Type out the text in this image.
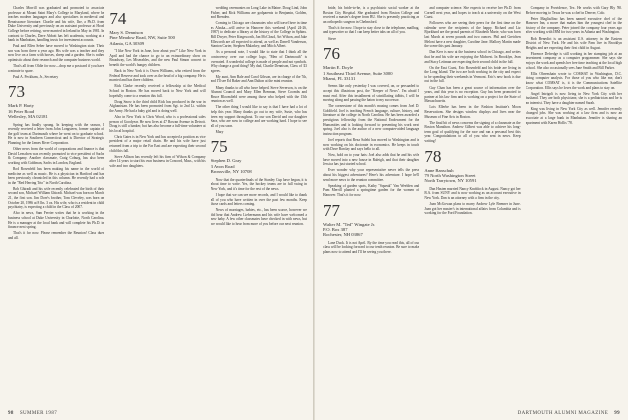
Charles Morrill was graduated and promoted to associate professor at Mount Saint Mary's College in Maryland, where he teaches modern languages and also specializes in medieval and Renaissance literature. Charlie and his wife, Ilse, a Ph.D. from Duke University and previously on an assistant professor at Hood College before retiring, were married in Ireland in May in 1981. In contrast to Charles, Dave Abbott has left academia, working at a bank in Manhattan, handling trusts for investment accounts.

Paul and Ellen Seber have moved to Washington state. Their son was born there a year ago. His wife was a teacher and they now live on a farm with horses, sheep and a garden. She is rather optimistic about their research and the computer business world.

That's all from Oldie for now—drop me a postcard if you have a minute to spare.

Paul A. Peckham, Jr., Secretary

73
Mark P. Harty
16 Peter Road
Wellesley, MA 02181

Spring has finally sprung. In keeping with the season, I recently received a letter from John Longsteen, former captain of the golf team at Dartmouth where he went on to graduate school. He is now in Southern Connecticut and is Director of Strategic Planning for the James River Corporation.

Other news from the world of corporations and finance is that David Lenschen was recently promoted to vice president of Sachs & Company. Another classmate, Craig Coburg, has also been working with Goldman, Sachs in London, England.

Rod Rosenfeld has been making his name in the world of medicine as well as music. He is a physician in Hartford and has been previously chronicled in this column. He recently had a role in the "Red Herring Trio" in North Carolina.

Bob Ghiradi and his wife recently celebrated the birth of their second son, Michael William Ghiradi. Michael was born on March 21, the first son. Jim Dore's brother, Tom Cleveley, was born on October 20, 1986 at 8 lbs. 3 oz. His wife, who is a resident in child psychiatry, is expecting a child in the Class of 2007.

Also in news, Sam Ferrier writes that he is working in the business school at Duke University in Charlotte, North Carolina. He is a manager at the local bank and will complete his Ph.D. in finance next spring.

That's it for now. Please remember the Reunion! Class dues and all.

74
Mary S. Dennison
Pine Meadow Road, NW, Suite 500
Atlanta, GA 30309

"I like New York in June, how about you?" Like New York in April and had the chance to go to an extraordinary show on Broadway, Les Miserables, and the new Paul Simon concert to benefit the world's hungry children.

Back in New York it is Owen Williams, who retired from the Federal Reserve and took over as the head of a big company. He is married and has three children.

Rick Clarke recently received a fellowship at the Medical School in Boston. He has moved back to New York and will hopefully come to a reunion this fall.

Doug Snow is the third child Rick has produced in the war in Afghanistan. He has been promoted from Sgt. to 2nd Lt. within the Army. He had a baby girl and is doing well.

Also in New York is Chris Wood, who is a professional sales person of Goodyear. He now lives at 47 Rowan Avenue in Detroit. Doug is still a banker, but has also become a full-time volunteer at his local hospital.

Chris Gates is in New York and has accepted a position as vice president of a major retail chain. He and his wife have just returned from a trip to the Far East and are expecting their second child this fall.

Steve Allison has recently left his firm of Wilson & Company after 14 years to start his own business in Concord, Mass., with his wife and two daughters.

wedding ceremonies on Long Lake in Maine. Doug Lind, John Fisher, and Rick Williams are godparents to Benjamin, Golden, and Brenden.

Coming to Chicago are classmates who will travel here in time as Alaska—will arrive in Hanover this weekend (April 24-26, 1987) to dedicate a library at the history of the College in Sphinx. Bill Dwyer, Peter Kingsworth, Jan McCloud, Art Wilson, and Jake Ellsworth are all expected to attend, as well as Darrell Vanderson, Stanton Carter, Stephen Malarkey, and Mitch Albert.

As a personal note, I would like to state that I think all the controversy over our college logo, "Men of Dartmouth" is overrated. A wonderful college is made of people and not symbols. Why change a good thing? My dad, Charlie Dennison, Class of '43 agrees.

My aunt, Ann Bale and Carol Gibson, are in charge of the 7th, and I'll see Ed Baker and Ann Dalton at the mini reunion.

Many thanks to all who have helped. Steve Severson, is on the Alumni Council and Mary Ellen Brennan, Steve Coombs and Bruce Bloomfield were among those who helped with the 15th reunion as well.

The other thing I would like to say is that I have had a lot of help this year. Many thanks go out to my wife, Susie, who has been my support throughout. To our son David and our daughter Sara, who are now in college and are working hard. I hope to see all of you soon.

Mary

75
Stephen D. Gray
3 Avon Road
Bronxville, NY 10708

Now that the quarterfinals of the Stanley Cup have begun, it is about time to write. Yes, the hockey teams are in full swing in New York, and it's time for the rest of the news.

I hope that we can see more records, and I would like to thank all of you who have written in over the past few months. Keep those cards and letters coming.

News of marriages, babies, etc., has been scarce, however we did hear that Andrew Liebermann and his wife have welcomed a new baby. A few other classmates have checked in with news, but we would like to hear from more of you before our next reunion.

98 SUMMER 1987

bride, his bride-to-be, is a psychiatric social worker at the Boston City Hospital. She graduated from Boston College and received a master's degree from BU. She is presently practicing as an orthopedic surgeon in Chelmsford.

That's it for now. I hope to stay close to the telephone, mailbag, and typewriter so that I can keep better tabs on all of you.

Steve

76
Martin E. Doyle
1 Southeast Third Avenue, Suite 3000
Miami, FL 33131

Seems like only yesterday I was covered, on, or persuaded to accept this illustrious post, the "Keeper of News". I'm afraid I must end. After this installment of scintillating tidbits, I will be moving along and passing the baton to my successor.

The cornerstone of this month's musing comes from Joel D. Goldfield. Joel is teaching French language, culture, history, and literature at the college in North Carolina. He has been awarded a prestigious fellowship from the National Endowment for the Humanities and is looking forward to presenting his work next spring. Joel also is the author of a new computer-aided language instruction program.

Joel reports that Reza Salehi has moved to Washington and is now working on his doctorate in economics. He keeps in touch with Dave Barclay and says hello to all.

Now, hold on to your hats: Joel also adds that he and his wife have moved into a new house in Raleigh, and that their daughter Jessica has just started school.

Ever wonder why your representative never tells the press about his biggest adventures? Here's his adventure. I hope he'll send more news to the reunion committee.

Speaking of garden spots, Kathy "Squeak" Van Weelden and Pam Merrill planted a springtime garden for the women of Hanover. That's it for now.

77
Walter M. "Ted" Wingate Jr.
P.O. Box 387
Rochester, NH 03867

Lane Duck. It is not April. By the time you read this, all of our class will be looking forward to our tenth reunion. Be sure to make plans now to attend and I'll be seeing you there.

and computer science. She expects to receive her Ph.D. from Cornell next year, and hopes to teach at a university on the West Coast.

Followers who are seeing their peers for the first time on the calendar were the recipients of the happy. Richard and Liz Bjorklund are the proud parents of Elizabeth Marie, who was born last March at seven pounds and two ounces. Phil and Gretchen Meloni have a new daughter, Caroline Jane. Mallory Martin made the scene this past January.

Dan Kerr is now at the business school in Chicago, and writes that he and his wife are enjoying the Midwest. In Brooklyn, Jean and Stacy Leitman are expecting their second child in the fall.

On the East Coast, Eric Rosenfeld and his bride are living in the Long Island. The two are both working in the city and expect to be spending their weekends in Vermont. Eric's new book is due out in the fall.

Guy Chan has been a great source of information over the years, and this year is no exception. Guy has been promoted to partner at his law firm and is working on a project for the State of Massachusetts.

Lois Ellerbe has been in the Fashion Institute's Moon Reservations. She designs window displays and lives near the Museum of Fine Arts in Boston.

The final bit of news concerns the signing of a classmate as the Boston Marathon. Andrew Gilbert was able to achieve his long-term goal of qualifying for the race and ran a personal best this year. Congratulations to all of you who sent in news. Keep writing!

78
Anne Banschuh
79 North Washington Street
North Tarrytown, NY 10591

Dan Hasten married Nancy Knoblock in August. Nancy got her B.A. from SUNY and is now working as an account executive in New York. Dan is an attorney with a firm in the city.

Joan McGowan plans to marry Andrew Lyle Brenner in June. Joan got her master's in international affairs from Columbia and is working for the Ford Foundation.

Company in Providence, Tex. He works with Gary Bly '80. Before moving to Texas he was a chef in Denver, Colo.

Peter Magliaffino has been named executive chef of the Hanover Inn, a move that makes him the youngest chef in the history of the company. Peter joined the company four years ago after working with IBM for two years in Atlanta and Washington.

Bob Benedict is an assistant U.S. attorney in the Eastern District of New York. He and his wife Pam live in Brooklyn Heights and are expecting their first child in August.

Florence Defredge is still working in her stamping job at an investment company as a computer programmer. She says she enjoys the work and spends her free time teaching at the local high school. She also occasionally sees Jane Smith and Bill Parker.

Ellis Ohrenshain wrote to COMSAT in Washington, D.C. doing computer analysis. For those of you who like me, don't know what COMSAT is, it is the Communications Satellite Corporation. Ellis says he loves the work and plans to stay on.

Angel Intrigoli is now living in New York City with her husband. They are both physicians; she is a pediatrician and he is an internist. They have a daughter named Sarah.

King was living in New York City as well. Jennifer recently changed jobs. She was working at a law firm and is now an associate at a large bank in Manhattan. Jennifer is sharing an apartment with Karen Hollis '78.

DARTMOUTH ALUMNI MAGAZINE 99
